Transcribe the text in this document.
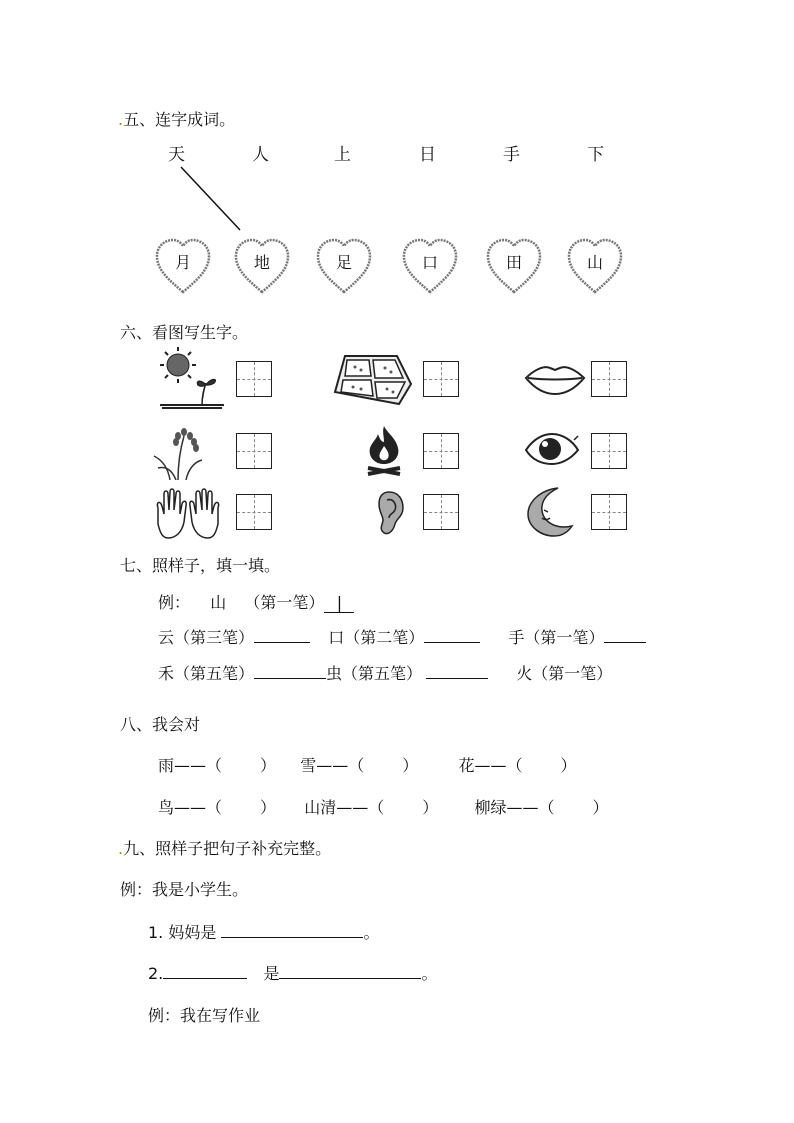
.五、连字成词。
天	人	上	日	手	下
月	地	足	口	田	山
六、看图写生字。
七、照样子，填一填。
例： 山 （第一笔） |
云（第三笔）	口（第二笔）	手（第一笔）
禾（第五笔）	虫（第五笔）	火（第一笔）
八、我会对
雨——（ ） 雪——（ ）	花——（ ）
鸟——（ ） 山清——（ ） 柳绿——（ ）
.九、照样子把句子补充完整。
例：我是小学生。
1. 妈妈是	。
2.	是	。
例：我在写作业
